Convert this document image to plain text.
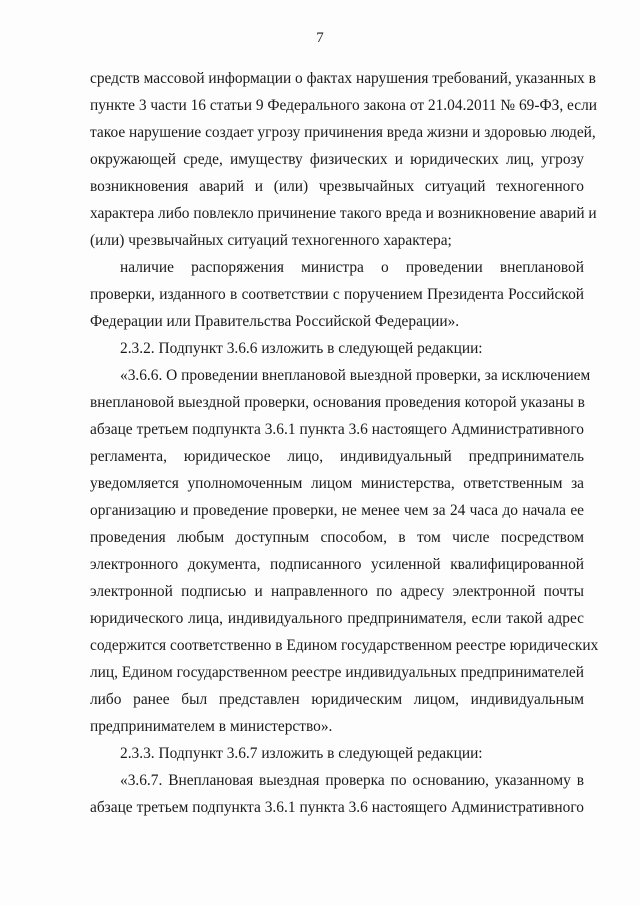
7
средств массовой информации о фактах нарушения требований, указанных в
пункте 3 части 16 статьи 9 Федерального закона от 21.04.2011 № 69-ФЗ, если
такое нарушение создает угрозу причинения вреда жизни и здоровью людей,
окружающей среде, имуществу физических и юридических лиц, угрозу
возникновения аварий и (или) чрезвычайных ситуаций техногенного
характера либо повлекло причинение такого вреда и возникновение аварий и
(или) чрезвычайных ситуаций техногенного характера;
наличие распоряжения министра о проведении внеплановой
проверки, изданного в соответствии с поручением Президента Российской
Федерации или Правительства Российской Федерации».
2.3.2. Подпункт 3.6.6 изложить в следующей редакции:
«3.6.6. О проведении внеплановой выездной проверки, за исключением
внеплановой выездной проверки, основания проведения которой указаны в
абзаце третьем подпункта 3.6.1 пункта 3.6 настоящего Административного
регламента, юридическое лицо, индивидуальный предприниматель
уведомляется уполномоченным лицом министерства, ответственным за
организацию и проведение проверки, не менее чем за 24 часа до начала ее
проведения любым доступным способом, в том числе посредством
электронного документа, подписанного усиленной квалифицированной
электронной подписью и направленного по адресу электронной почты
юридического лица, индивидуального предпринимателя, если такой адрес
содержится соответственно в Едином государственном реестре юридических
лиц, Едином государственном реестре индивидуальных предпринимателей
либо ранее был представлен юридическим лицом, индивидуальным
предпринимателем в министерство».
2.3.3. Подпункт 3.6.7 изложить в следующей редакции:
«3.6.7. Внеплановая выездная проверка по основанию, указанному в
абзаце третьем подпункта 3.6.1 пункта 3.6 настоящего Административного
